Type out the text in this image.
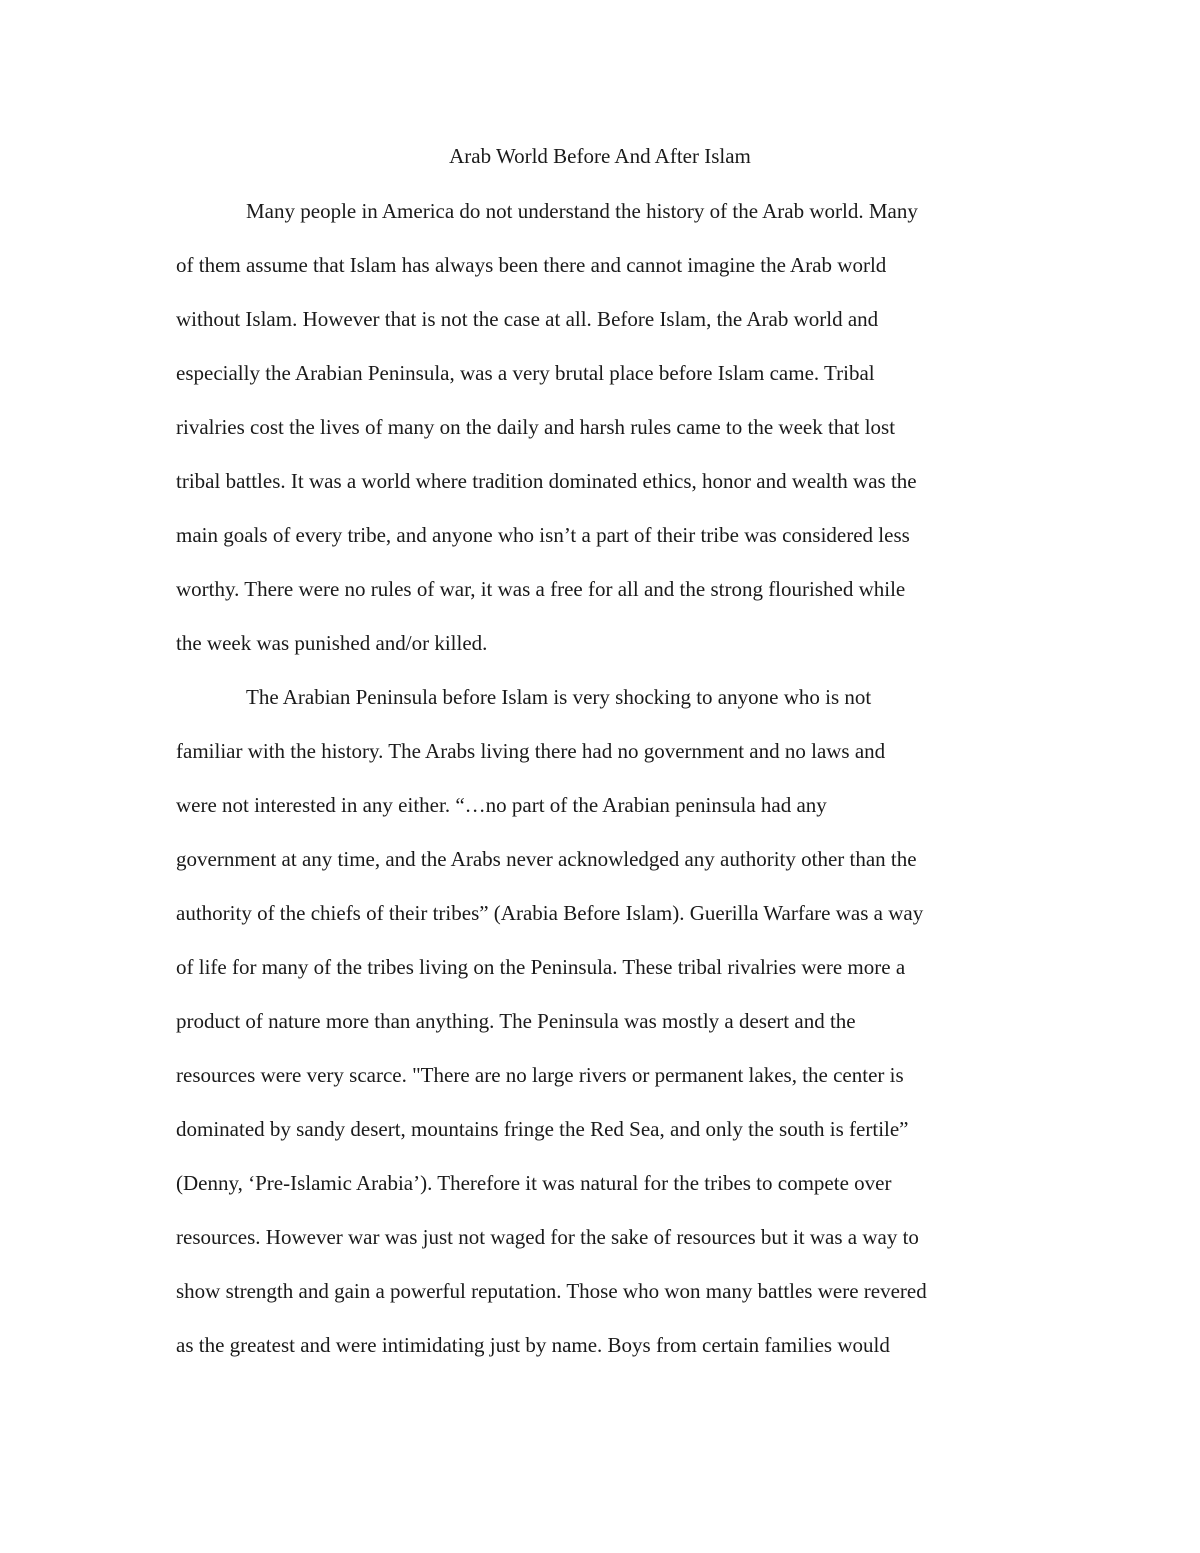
Arab World Before And After Islam
Many people in America do not understand the history of the Arab world. Many
of them assume that Islam has always been there and cannot imagine the Arab world
without Islam. However that is not the case at all. Before Islam, the Arab world and
especially the Arabian Peninsula, was a very brutal place before Islam came. Tribal
rivalries cost the lives of many on the daily and harsh rules came to the week that lost
tribal battles. It was a world where tradition dominated ethics, honor and wealth was the
main goals of every tribe, and anyone who isn’t a part of their tribe was considered less
worthy. There were no rules of war, it was a free for all and the strong flourished while
the week was punished and/or killed.
The Arabian Peninsula before Islam is very shocking to anyone who is not
familiar with the history. The Arabs living there had no government and no laws and
were not interested in any either. “…no part of the Arabian peninsula had any
government at any time, and the Arabs never acknowledged any authority other than the
authority of the chiefs of their tribes” (Arabia Before Islam). Guerilla Warfare was a way
of life for many of the tribes living on the Peninsula. These tribal rivalries were more a
product of nature more than anything. The Peninsula was mostly a desert and the
resources were very scarce. "There are no large rivers or permanent lakes, the center is
dominated by sandy desert, mountains fringe the Red Sea, and only the south is fertile”
(Denny, ‘Pre-Islamic Arabia’). Therefore it was natural for the tribes to compete over
resources. However war was just not waged for the sake of resources but it was a way to
show strength and gain a powerful reputation. Those who won many battles were revered
as the greatest and were intimidating just by name. Boys from certain families would
